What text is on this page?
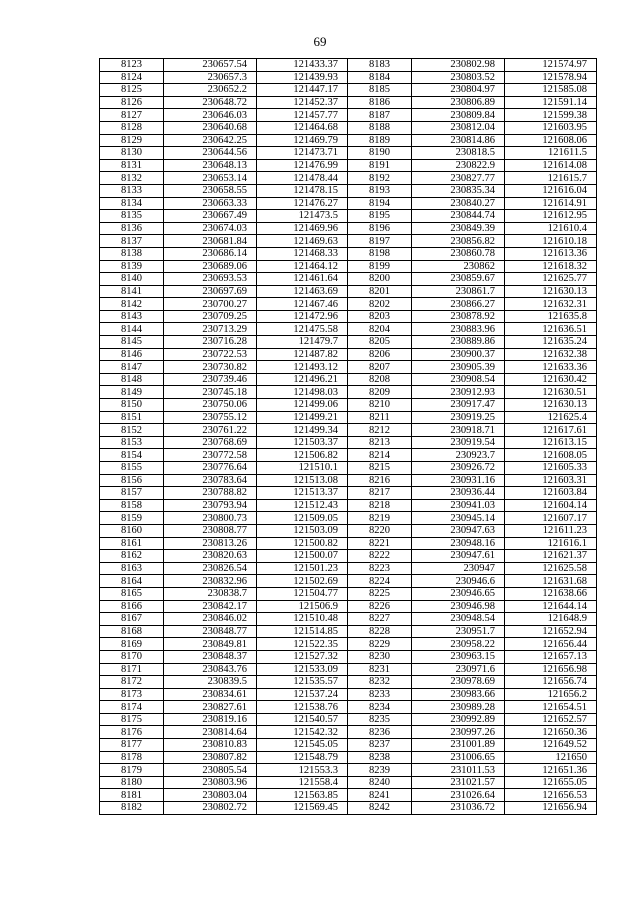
69
8123	230657.54	121433.37	8183	230802.98	121574.97
8124	230657.3	121439.93	8184	230803.52	121578.94
8125	230652.2	121447.17	8185	230804.97	121585.08
8126	230648.72	121452.37	8186	230806.89	121591.14
8127	230646.03	121457.77	8187	230809.84	121599.38
8128	230640.68	121464.68	8188	230812.04	121603.95
8129	230642.25	121469.79	8189	230814.86	121608.06
8130	230644.56	121473.71	8190	230818.5	121611.5
8131	230648.13	121476.99	8191	230822.9	121614.08
8132	230653.14	121478.44	8192	230827.77	121615.7
8133	230658.55	121478.15	8193	230835.34	121616.04
8134	230663.33	121476.27	8194	230840.27	121614.91
8135	230667.49	121473.5	8195	230844.74	121612.95
8136	230674.03	121469.96	8196	230849.39	121610.4
8137	230681.84	121469.63	8197	230856.82	121610.18
8138	230686.14	121468.33	8198	230860.78	121613.36
8139	230689.06	121464.12	8199	230862	121618.32
8140	230693.53	121461.64	8200	230859.67	121625.77
8141	230697.69	121463.69	8201	230861.7	121630.13
8142	230700.27	121467.46	8202	230866.27	121632.31
8143	230709.25	121472.96	8203	230878.92	121635.8
8144	230713.29	121475.58	8204	230883.96	121636.51
8145	230716.28	121479.7	8205	230889.86	121635.24
8146	230722.53	121487.82	8206	230900.37	121632.38
8147	230730.82	121493.12	8207	230905.39	121633.36
8148	230739.46	121496.21	8208	230908.54	121630.42
8149	230745.18	121498.03	8209	230912.93	121630.51
8150	230750.06	121499.06	8210	230917.47	121630.13
8151	230755.12	121499.21	8211	230919.25	121625.4
8152	230761.22	121499.34	8212	230918.71	121617.61
8153	230768.69	121503.37	8213	230919.54	121613.15
8154	230772.58	121506.82	8214	230923.7	121608.05
8155	230776.64	121510.1	8215	230926.72	121605.33
8156	230783.64	121513.08	8216	230931.16	121603.31
8157	230788.82	121513.37	8217	230936.44	121603.84
8158	230793.94	121512.43	8218	230941.03	121604.14
8159	230800.73	121509.05	8219	230945.14	121607.17
8160	230808.77	121503.09	8220	230947.63	121611.23
8161	230813.26	121500.82	8221	230948.16	121616.1
8162	230820.63	121500.07	8222	230947.61	121621.37
8163	230826.54	121501.23	8223	230947	121625.58
8164	230832.96	121502.69	8224	230946.6	121631.68
8165	230838.7	121504.77	8225	230946.65	121638.66
8166	230842.17	121506.9	8226	230946.98	121644.14
8167	230846.02	121510.48	8227	230948.54	121648.9
8168	230848.77	121514.85	8228	230951.7	121652.94
8169	230849.81	121522.35	8229	230958.22	121656.44
8170	230848.37	121527.32	8230	230963.15	121657.13
8171	230843.76	121533.09	8231	230971.6	121656.98
8172	230839.5	121535.57	8232	230978.69	121656.74
8173	230834.61	121537.24	8233	230983.66	121656.2
8174	230827.61	121538.76	8234	230989.28	121654.51
8175	230819.16	121540.57	8235	230992.89	121652.57
8176	230814.64	121542.32	8236	230997.26	121650.36
8177	230810.83	121545.05	8237	231001.89	121649.52
8178	230807.82	121548.79	8238	231006.65	121650
8179	230805.54	121553.3	8239	231011.53	121651.36
8180	230803.96	121558.4	8240	231021.57	121655.05
8181	230803.04	121563.85	8241	231026.64	121656.53
8182	230802.72	121569.45	8242	231036.72	121656.94
